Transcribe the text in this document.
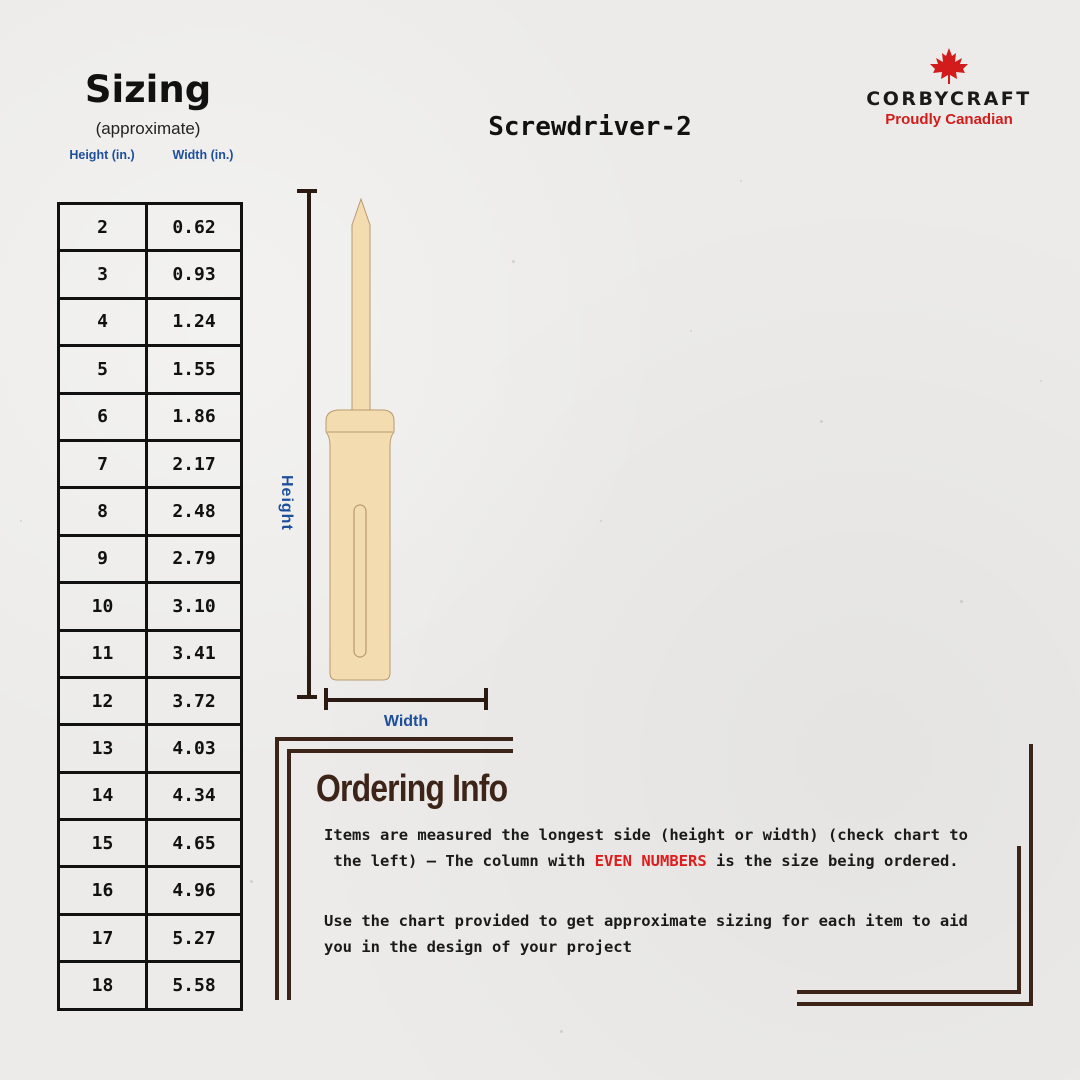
Sizing
(approximate)
Height (in.)	Width (in.)
2	0.62
3	0.93
4	1.24
5	1.55
6	1.86
7	2.17
8	2.48
9	2.79
10	3.10
11	3.41
12	3.72
13	4.03
14	4.34
15	4.65
16	4.96
17	5.27
18	5.58
Screwdriver-2
CORBYCRAFT
Proudly Canadian
Height
Width
Ordering Info
Items are measured the longest side (height or width) (check chart to the left) – The column with EVEN NUMBERS is the size being ordered.
Use the chart provided to get approximate sizing for each item to aid you in the design of your project
